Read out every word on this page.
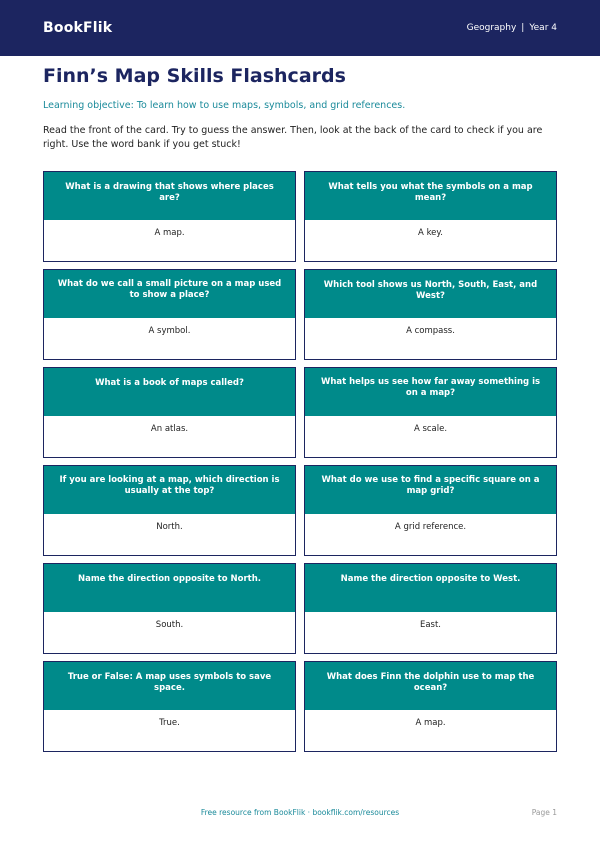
BookFlik	Geography | Year 4
Finn’s Map Skills Flashcards

Learning objective: To learn how to use maps, symbols, and grid references.

Read the front of the card. Try to guess the answer. Then, look at the back of the card to check if you are right. Use the word bank if you get stuck!

What is a drawing that shows where places are?
A map.
What tells you what the symbols on a map mean?
A key.
What do we call a small picture on a map used to show a place?
A symbol.
Which tool shows us North, South, East, and West?
A compass.
What is a book of maps called?
An atlas.
What helps us see how far away something is on a map?
A scale.
If you are looking at a map, which direction is usually at the top?
North.
What do we use to find a specific square on a map grid?
A grid reference.
Name the direction opposite to North.
South.
Name the direction opposite to West.
East.
True or False: A map uses symbols to save space.
True.
What does Finn the dolphin use to map the ocean?
A map.
Free resource from BookFlik · bookflik.com/resources	Page 1
